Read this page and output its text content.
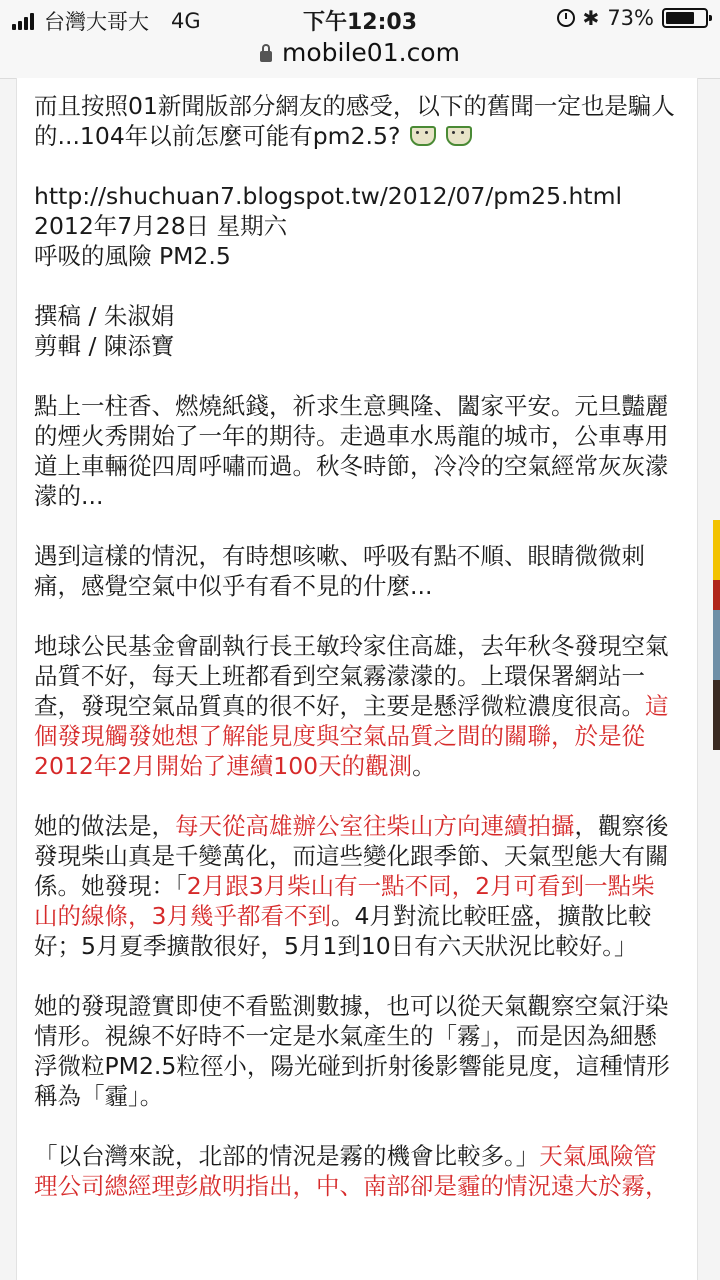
台灣大哥大 4G	下午12:03	✱ 73%
mobile01.com

而且按照01新聞版部分網友的感受，以下的舊聞一定也是騙人
的...104年以前怎麼可能有pm2.5?

http://shuchuan7.blogspot.tw/2012/07/pm25.html
2012年7月28日 星期六
呼吸的風險 PM2.5

撰稿 / 朱淑娟
剪輯 / 陳添寶

點上一柱香、燃燒紙錢，祈求生意興隆、闔家平安。元旦豔麗
的煙火秀開始了一年的期待。走過車水馬龍的城市，公車專用
道上車輛從四周呼嘯而過。秋冬時節，冷冷的空氣經常灰灰濛
濛的...

遇到這樣的情況，有時想咳嗽、呼吸有點不順、眼睛微微刺
痛，感覺空氣中似乎有看不見的什麼...

地球公民基金會副執行長王敏玲家住高雄，去年秋冬發現空氣
品質不好，每天上班都看到空氣霧濛濛的。上環保署網站一
查，發現空氣品質真的很不好，主要是懸浮微粒濃度很高。這
個發現觸發她想了解能見度與空氣品質之間的關聯，於是從
2012年2月開始了連續100天的觀測。

她的做法是，每天從高雄辦公室往柴山方向連續拍攝，觀察後
發現柴山真是千變萬化，而這些變化跟季節、天氣型態大有關
係。她發現：「2月跟3月柴山有一點不同，2月可看到一點柴
山的線條，3月幾乎都看不到。4月對流比較旺盛，擴散比較
好；5月夏季擴散很好，5月1到10日有六天狀況比較好。」

她的發現證實即使不看監測數據，也可以從天氣觀察空氣汙染
情形。視線不好時不一定是水氣產生的「霧」，而是因為細懸
浮微粒PM2.5粒徑小，陽光碰到折射後影響能見度，這種情形
稱為「霾」。

「以台灣來說，北部的情況是霧的機會比較多。」天氣風險管
理公司總經理彭啟明指出，中、南部卻是霾的情況遠大於霧，
